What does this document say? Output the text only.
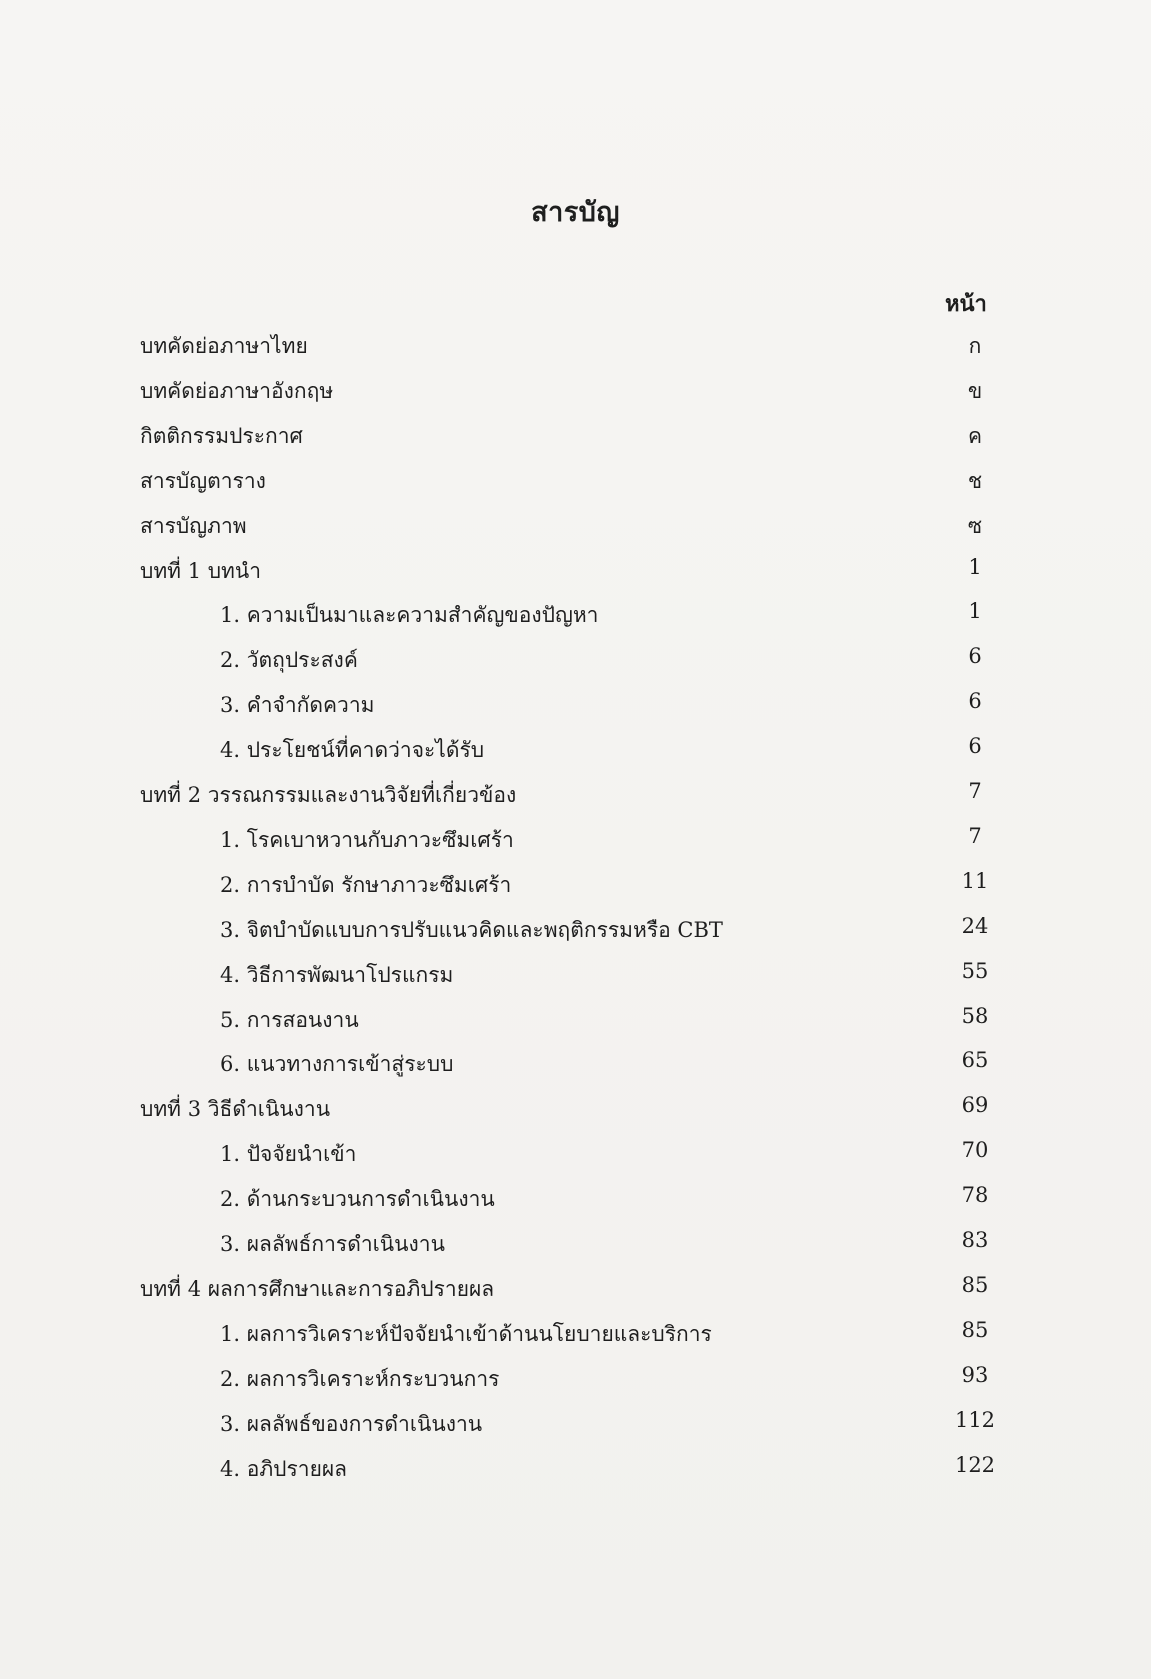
สารบัญ
หน้า
บทคัดย่อภาษาไทย	ก
บทคัดย่อภาษาอังกฤษ	ข
กิตติกรรมประกาศ	ค
สารบัญตาราง	ช
สารบัญภาพ	ซ
บทที่ 1 บทนำ	1
1. ความเป็นมาและความสำคัญของปัญหา	1
2. วัตถุประสงค์	6
3. คำจำกัดความ	6
4. ประโยชน์ที่คาดว่าจะได้รับ	6
บทที่ 2 วรรณกรรมและงานวิจัยที่เกี่ยวข้อง	7
1. โรคเบาหวานกับภาวะซึมเศร้า	7
2. การบำบัด รักษาภาวะซึมเศร้า	11
3. จิตบำบัดแบบการปรับแนวคิดและพฤติกรรมหรือ CBT	24
4. วิธีการพัฒนาโปรแกรม	55
5. การสอนงาน	58
6. แนวทางการเข้าสู่ระบบ	65
บทที่ 3 วิธีดำเนินงาน	69
1. ปัจจัยนำเข้า	70
2. ด้านกระบวนการดำเนินงาน	78
3. ผลลัพธ์การดำเนินงาน	83
บทที่ 4 ผลการศึกษาและการอภิปรายผล	85
1. ผลการวิเคราะห์ปัจจัยนำเข้าด้านนโยบายและบริการ	85
2. ผลการวิเคราะห์กระบวนการ	93
3. ผลลัพธ์ของการดำเนินงาน	112
4. อภิปรายผล	122
